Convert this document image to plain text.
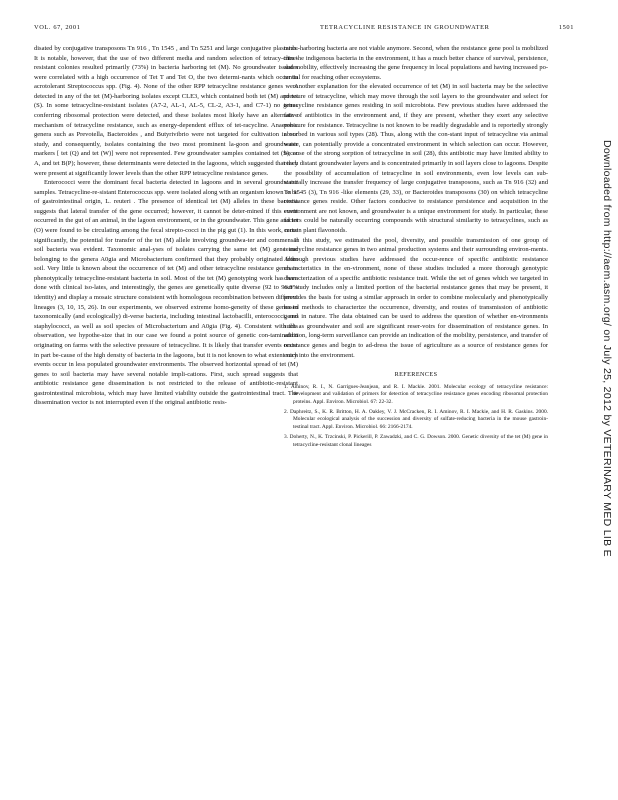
VOL. 67, 2001	TETRACYCLINE RESISTANCE IN GROUNDWATER	1501

disated by conjugative transposons Tn 916 , Tn 1545 , and Tn 5251 and large conjugative plasmids. It is notable, however, that the use of two different media and random selection of tetracy-cline-resistant colonies resulted primarily (73%) in bacteria harboring tet (M). No groundwater isolates were correlated with a high occurrence of Tet T and Tet O, the two determi-nants which occur in acrotolerant Streptococcus spp. (Fig. 4). None of the other RPP tetracycline resistance genes were detected in any of the tet (M)-harboring isolates except CLE3, which contained both tet (M) and tet (S). In some tetracycline-resistant isolates (A7-2, AL-1, AL-5, CL-2, A3-1, and C7-1) no genes conferring ribosomal protection were detected, and these isolates most likely have an alternative mechanism of tetracycline resistance, such as energy-dependent efflux of tet-racycline. Anaerobic genera such as Prevotella, Bacteroides , and Butyrivibrio were not targeted for cultivation in our study, and consequently, isolates containing the two most prominent la-goon and groundwater markers [ tet (Q) and tet (W)] were not represented. Few groundwater samples contained tet (S), or A, and tet B(P); however, these determinants were detected in the lagoons, which suggested that they were present at significantly lower levels than the other RPP tetracycline resistance genes.

Enterococci were the dominant fecal bacteria detected in lagoons and in several groundwater samples. Tetracycline-re-sistant Enterococcus spp. were isolated along with an organism known to be of gastrointestinal origin, L. reuteri . The presence of identical tet (M) alleles in these bacteria suggests that lateral transfer of the gene occurred; however, it cannot be deter-mined if this event occurred in the gut of an animal, in the lagoon environment, or in the groundwater. This gene and tet (O) were found to be circulating among the fecal strepto-cocci in the pig gut (1). In this work, more significantly, the potential for transfer of the tet (M) allele involving groundwa-ter and commensal soil bacteria was evident. Taxonomic anal-yses of isolates carrying the same tet (M) gene and belonging to the genera A0gia and Microbacterium confirmed that they probably originated from soil. Very little is known about the occurrence of tet (M) and other tetracycline resistance genes in phenotypically tetracycline-resistant bacteria in soil. Most of the tet (M) genotyping work has been done with clinical iso-lates, and interestingly, the genes are genetically quite diverse (92 to 96.8% identity) and display a mosaic structure consistent with homologous recombination between different lineages (3, 10, 15, 26). In our experiments, we observed extreme homo-geneity of these genes in taxonomically (and ecologically) di-verse bacteria, including intestinal lactobacilli, enterococci, and staphylococci, as well as soil species of Microbacterium and A0gia (Fig. 4). Consistent with this observation, we hypothe-size that in our case we found a point source of genetic con-tamination originating on farms with the selective pressure of tetracycline. It is likely that transfer events occur in part be-cause of the high density of bacteria in the lagoons, but it is not known to what extent such events occur in less populated groundwater environments. The observed horizontal spread of tet (M) genes to soil bacteria may have several notable impli-cations. First, such spread suggests that antibiotic resistance gene dissemination is not restricted to the release of antibiotic-resistant gastrointestinal microbiota, which may have limited viability outside the gastrointestinal tract. The dissemination vector is not interrupted even if the original antibiotic resis-

tance-harboring bacteria are not viable anymore. Second, when the resistance gene pool is mobilized into the indigenous bacteria in the environment, it has a much better chance of survival, persistence, and mobility, effectively increasing the gene frequency in local populations and having increased po-tential for reaching other ecosystems.

Another explanation for the elevated occurrence of tet (M) in soil bacteria may be the selective pressure of tetracycline, which may move through the soil layers to the groundwater and select for tetracycline resistance genes residing in soil microbiota. Few previous studies have addressed the fate of antibiotics in the environment and, if they are present, whether they exert any selective pressure for resistance. Tetracycline is not known to be readily degradable and is reportedly strongly absorbed in various soil types (28). Thus, along with the con-stant input of tetracycline via animal waste, can potentially provide a concentrated environment in which selection can occur. However, because of the strong sorption of tetracycline in soil (28), this antibiotic may have limited ability to reach distant groundwater layers and is concentrated primarily in soil layers close to lagoons. Despite the possibility of accumulation of tetracycline in soil environments, even low levels can sub-stantially increase the transfer frequency of large conjugative transposons, such as Tn 916 (32) and Tn 1545 (3), Tn 916 -like elements (29, 33), or Bacteroides transposons (30) on which tetracycline resistance genes reside. Other factors conducive to resistance persistence and acquisition in the environment are not known, and groundwater is a unique environment for study. In particular, these factors could be naturally occurring compounds with structural similarity to tetracyclines, such as certain plant flavonoids.

In this study, we estimated the pool, diversity, and possible transmission of one group of tetracycline resistance genes in two animal production systems and their surrounding environ-ments. Although previous studies have addressed the occur-rence of specific antibiotic resistance characteristics in the en-vironment, none of these studies included a more thorough genotypic characterization of a specific antibiotic resistance trait. While the set of genes which we targeted in our study includes only a limited portion of the bacterial resistance genes that may be present, it provides the basis for using a similar approach in order to combine molecularly and phenotypically based methods to characterize the occurrence, diversity, and routes of transmission of antibiotic genes in nature. The data obtained can be used to address the question of whether en-vironments such as groundwater and soil are significant reser-voirs for dissemination of resistance genes. In addition, long-term surveillance can provide an indication of the mobility, persistence, and transfer of resistance genes and begin to ad-dress the issue of agriculture as a source of resistance genes for entry into the environment.

REFERENCES
1. Aminov, R. I., N. Garrigues-Jeanjean, and R. I. Mackie. 2001. Molecular ecology of tetracycline resistance: development and validation of primers for detection of tetracycline resistance genes encoding ribosomal protection proteins. Appl. Environ. Microbiol. 67: 22-32.
2. Daphreitz, S., K. R. Britton, H. A. Oakley, V. J. McCracken, R. I. Aminov, R. I. Mackie, and H. R. Gaskins. 2000. Molecular ecological analysis of the succession and diversity of sulfate-reducing bacteria in the mouse gastroin-testinal tract. Appl. Environ. Microbiol. 66: 2166-2174.
3. Doherty, N., K. Trzcinski, P. Pickerill, P. Zawadzki, and C. G. Dowson. 2000. Genetic diversity of the tet (M) gene in tetracycline-resistant clonal lineages	Downloaded from http://aem.asm.org/ on July 25, 2012 by VETERINARY MED LIB E
